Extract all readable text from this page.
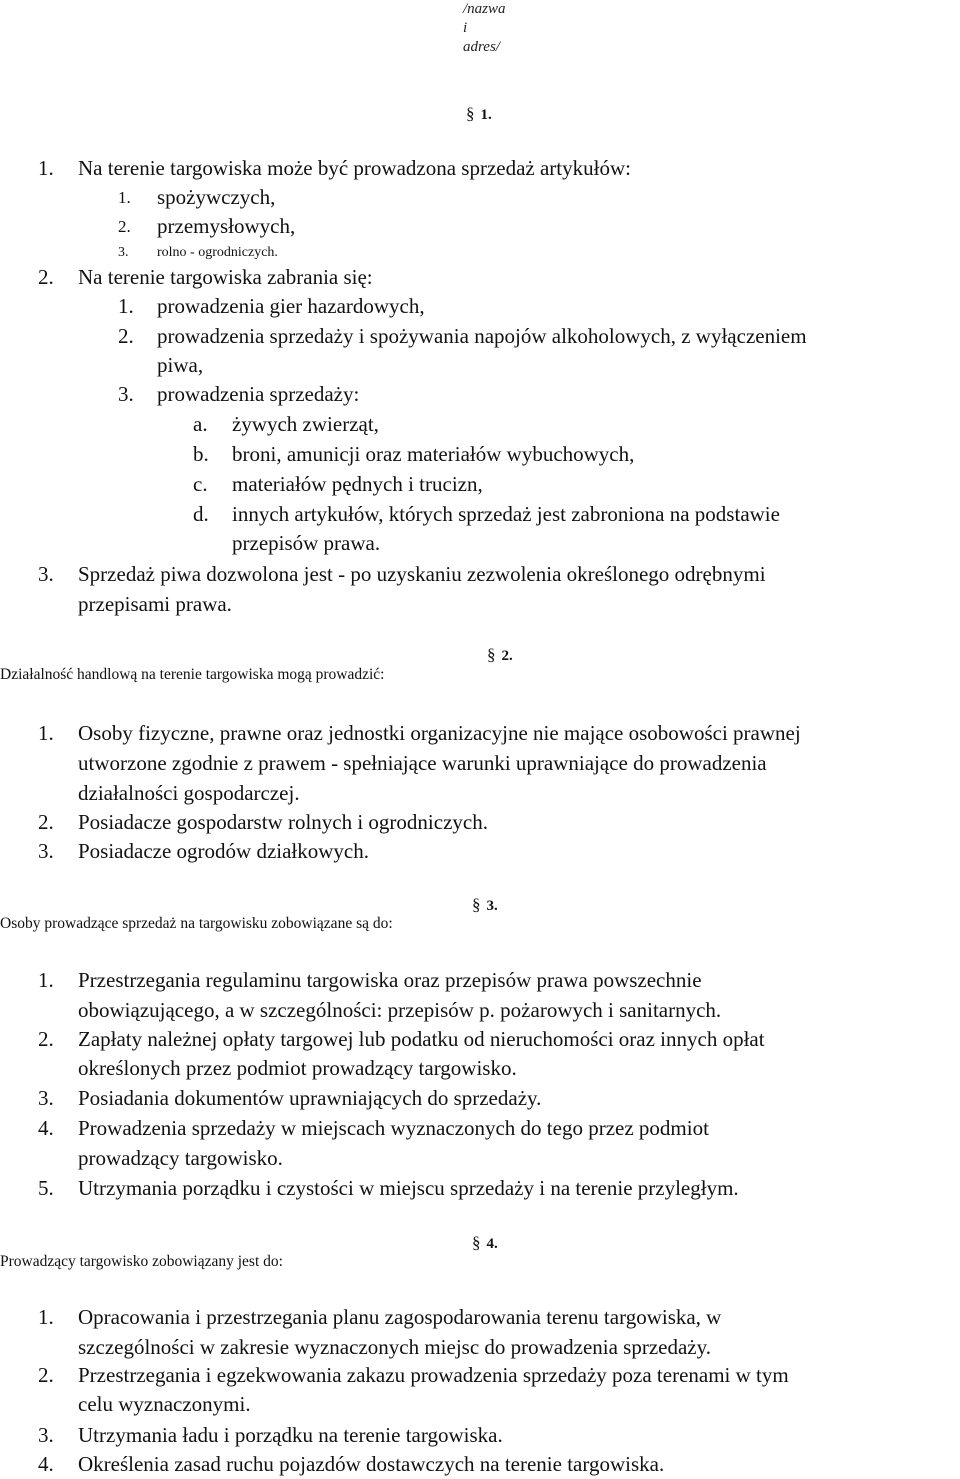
/nazwa
i
adres/
§ 1.
1. Na terenie targowiska może być prowadzona sprzedaż artykułów:
1. spożywczych,
2. przemysłowych,
3. rolno - ogrodniczych.
2. Na terenie targowiska zabrania się:
1. prowadzenia gier hazardowych,
2. prowadzenia sprzedaży i spożywania napojów alkoholowych, z wyłączeniem
piwa,
3. prowadzenia sprzedaży:
a. żywych zwierząt,
b. broni, amunicji oraz materiałów wybuchowych,
c. materiałów pędnych i trucizn,
d. innych artykułów, których sprzedaż jest zabroniona na podstawie
przepisów prawa.
3. Sprzedaż piwa dozwolona jest - po uzyskaniu zezwolenia określonego odrębnymi
przepisami prawa.
§ 2.
Działalność handlową na terenie targowiska mogą prowadzić:
1. Osoby fizyczne, prawne oraz jednostki organizacyjne nie mające osobowości prawnej
utworzone zgodnie z prawem - spełniające warunki uprawniające do prowadzenia
działalności gospodarczej.
2. Posiadacze gospodarstw rolnych i ogrodniczych.
3. Posiadacze ogrodów działkowych.
§ 3.
Osoby prowadzące sprzedaż na targowisku zobowiązane są do:
1. Przestrzegania regulaminu targowiska oraz przepisów prawa powszechnie
obowiązującego, a w szczególności: przepisów p. pożarowych i sanitarnych.
2. Zapłaty należnej opłaty targowej lub podatku od nieruchomości oraz innych opłat
określonych przez podmiot prowadzący targowisko.
3. Posiadania dokumentów uprawniających do sprzedaży.
4. Prowadzenia sprzedaży w miejscach wyznaczonych do tego przez podmiot
prowadzący targowisko.
5. Utrzymania porządku i czystości w miejscu sprzedaży i na terenie przyległym.
§ 4.
Prowadzący targowisko zobowiązany jest do:
1. Opracowania i przestrzegania planu zagospodarowania terenu targowiska, w
szczególności w zakresie wyznaczonych miejsc do prowadzenia sprzedaży.
2. Przestrzegania i egzekwowania zakazu prowadzenia sprzedaży poza terenami w tym
celu wyznaczonymi.
3. Utrzymania ładu i porządku na terenie targowiska.
4. Określenia zasad ruchu pojazdów dostawczych na terenie targowiska.
